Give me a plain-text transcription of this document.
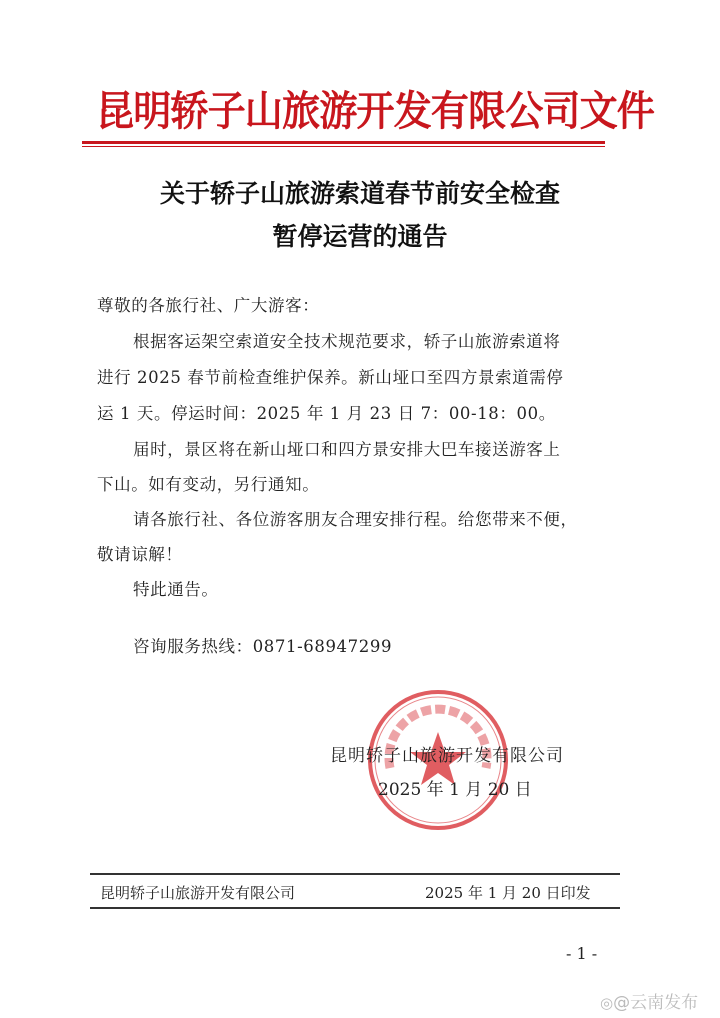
昆明轿子山旅游开发有限公司文件
关于轿子山旅游索道春节前安全检查
暂停运营的通告
尊敬的各旅行社、广大游客：
根据客运架空索道安全技术规范要求，轿子山旅游索道将
进行 2025 春节前检查维护保养。新山垭口至四方景索道需停
运 1 天。停运时间：2025 年 1 月 23 日 7：00-18：00。
届时，景区将在新山垭口和四方景安排大巴车接送游客上
下山。如有变动，另行通知。
请各旅行社、各位游客朋友合理安排行程。给您带来不便，
敬请谅解！
特此通告。
咨询服务热线：0871-68947299
昆明轿子山旅游开发有限公司
2025 年 1 月 20 日
昆明轿子山旅游开发有限公司	2025 年 1 月 20 日印发
- 1 -
◎@云南发布
